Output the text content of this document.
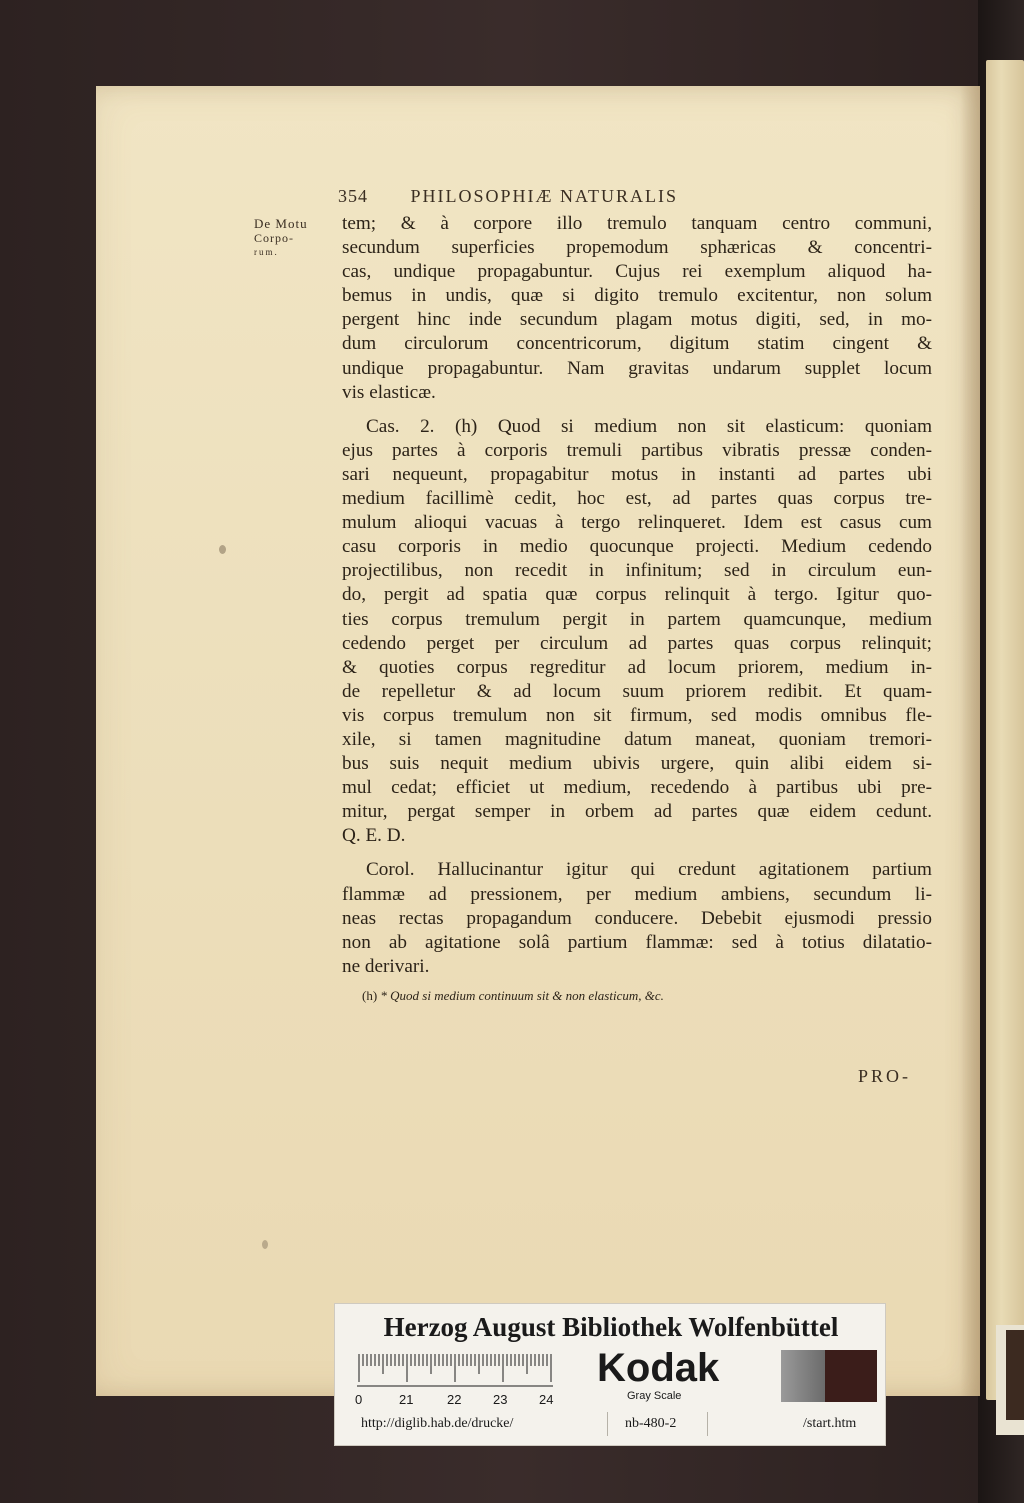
354 PHILOSOPHIÆ NATURALIS
De Motu
Corpo-
rum.
tem; & à corpore illo tremulo tanquam centro communi,
secundum superficies propemodum sphæricas & concentri-
cas, undique propagabuntur. Cujus rei exemplum aliquod ha-
bemus in undis, quæ si digito tremulo excitentur, non solum
pergent hinc inde secundum plagam motus digiti, sed, in mo-
dum circulorum concentricorum, digitum statim cingent &
undique propagabuntur. Nam gravitas undarum supplet locum
vis elasticæ.
Cas. 2. (h) Quod si medium non sit elasticum: quoniam
ejus partes à corporis tremuli partibus vibratis pressæ conden-
sari nequeunt, propagabitur motus in instanti ad partes ubi
medium facillimè cedit, hoc est, ad partes quas corpus tre-
mulum alioqui vacuas à tergo relinqueret. Idem est casus cum
casu corporis in medio quocunque projecti. Medium cedendo
projectilibus, non recedit in infinitum; sed in circulum eun-
do, pergit ad spatia quæ corpus relinquit à tergo. Igitur quo-
ties corpus tremulum pergit in partem quamcunque, medium
cedendo perget per circulum ad partes quas corpus relinquit;
& quoties corpus regreditur ad locum priorem, medium in-
de repelletur & ad locum suum priorem redibit. Et quam-
vis corpus tremulum non sit firmum, sed modis omnibus fle-
xile, si tamen magnitudine datum maneat, quoniam tremori-
bus suis nequit medium ubivis urgere, quin alibi eidem si-
mul cedat; efficiet ut medium, recedendo à partibus ubi pre-
mitur, pergat semper in orbem ad partes quæ eidem cedunt.
Q. E. D.
Corol. Hallucinantur igitur qui credunt agitationem partium
flammæ ad pressionem, per medium ambiens, secundum li-
neas rectas propagandum conducere. Debebit ejusmodi pressio
non ab agitatione solâ partium flammæ: sed à totius dilatatio-
ne derivari.
(h) * Quod si medium continuum sit & non elasticum, &c.
PRO-
Herzog August Bibliothek Wolfenbüttel
0	21	22 23 24
Kodak
Gray Scale
http://diglib.hab.de/drucke/	nb-480-2	/start.htm
